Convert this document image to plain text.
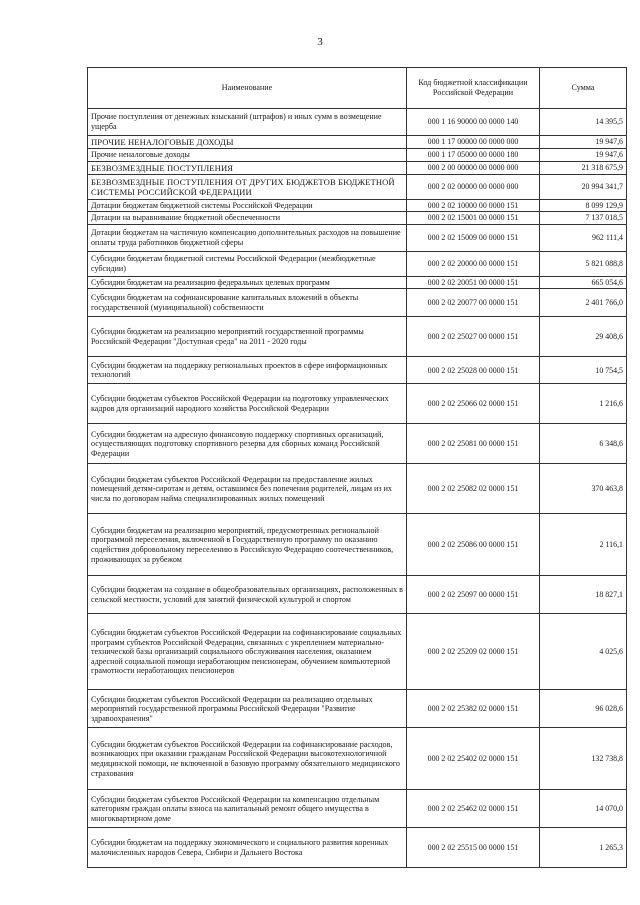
3
Наименование	Код бюджетной классификации Российской Федерации	Сумма
Прочие поступления от денежных взысканий (штрафов) и иных сумм в возмещение ущерба	000 1 16 90000 00 0000 140	14 395,5
ПРОЧИЕ НЕНАЛОГОВЫЕ ДОХОДЫ	000 1 17 00000 00 0000 000	19 947,6
Прочие неналоговые доходы	000 1 17 05000 00 0000 180	19 947,6
БЕЗВОЗМЕЗДНЫЕ ПОСТУПЛЕНИЯ	000 2 00 00000 00 0000 000	21 318 675,9
БЕЗВОЗМЕЗДНЫЕ ПОСТУПЛЕНИЯ ОТ ДРУГИХ БЮДЖЕТОВ БЮДЖЕТНОЙ СИСТЕМЫ РОССИЙСКОЙ ФЕДЕРАЦИИ	000 2 02 00000 00 0000 000	20 994 341,7
Дотации бюджетам бюджетной системы Российской Федерации	000 2 02 10000 00 0000 151	8 099 129,9
Дотации на выравнивание бюджетной обеспеченности	000 2 02 15001 00 0000 151	7 137 018,5
Дотации бюджетам на частичную компенсацию дополнительных расходов на повышение оплаты труда работников бюджетной сферы	000 2 02 15009 00 0000 151	962 111,4
Субсидии бюджетам бюджетной системы Российской Федерации (межбюджетные субсидии)	000 2 02 20000 00 0000 151	5 821 088,8
Субсидии бюджетам на реализацию федеральных целевых программ	000 2 02 20051 00 0000 151	665 054,6
Субсидии бюджетам на софинансирование капитальных вложений в объекты государственной (муниципальной) собственности	000 2 02 20077 00 0000 151	2 401 766,0
Субсидии бюджетам на реализацию мероприятий государственной программы Российской Федерации "Доступная среда" на 2011 - 2020 годы	000 2 02 25027 00 0000 151	29 408,6
Субсидии бюджетам на поддержку региональных проектов в сфере информационных технологий	000 2 02 25028 00 0000 151	10 754,5
Субсидии бюджетам субъектов Российской Федерации на подготовку управленческих кадров для организаций народного хозяйства Российской Федерации	000 2 02 25066 02 0000 151	1 216,6
Субсидии бюджетам на адресную финансовую поддержку спортивных организаций, осуществляющих подготовку спортивного резерва для сборных команд Российской Федерации	000 2 02 25081 00 0000 151	6 348,6
Субсидии бюджетам субъектов Российской Федерации на предоставление жилых помещений детям-сиротам и детям, оставшимся без попечения родителей, лицам из их числа по договорам найма специализированных жилых помещений	000 2 02 25082 02 0000 151	370 463,8
Субсидии бюджетам на реализацию мероприятий, предусмотренных региональной программой переселения, включенной в Государственную программу по оказанию содействия добровольному переселению в Российскую Федерацию соотечественников, проживающих за рубежом	000 2 02 25086 00 0000 151	2 116,1
Субсидии бюджетам на создание в общеобразовательных организациях, расположенных в сельской местности, условий для занятий физической культурой и спортом	000 2 02 25097 00 0000 151	18 827,1
Субсидии бюджетам субъектов Российской Федерации на софинансирование социальных программ субъектов Российской Федерации, связанных с укреплением материально-технической базы организаций социального обслуживания населения, оказанием адресной социальной помощи неработающим пенсионерам, обучением компьютерной грамотности неработающих пенсионеров	000 2 02 25209 02 0000 151	4 025,6
Субсидии бюджетам субъектов Российской Федерации на реализацию отдельных мероприятий государственной программы Российской Федерации "Развитие здравоохранения"	000 2 02 25382 02 0000 151	96 028,6
Субсидии бюджетам субъектов Российской Федерации на софинансирование расходов, возникающих при оказании гражданам Российской Федерации высокотехнологичной медицинской помощи, не включенной в базовую программу обязательного медицинского страхования	000 2 02 25402 02 0000 151	132 738,8
Субсидии бюджетам субъектов Российской Федерации на компенсацию отдельным категориям граждан оплаты взноса на капитальный ремонт общего имущества в многоквартирном доме	000 2 02 25462 02 0000 151	14 070,0
Субсидии бюджетам на поддержку экономического и социального развития коренных малочисленных народов Севера, Сибири и Дальнего Востока	000 2 02 25515 00 0000 151	1 265,3
